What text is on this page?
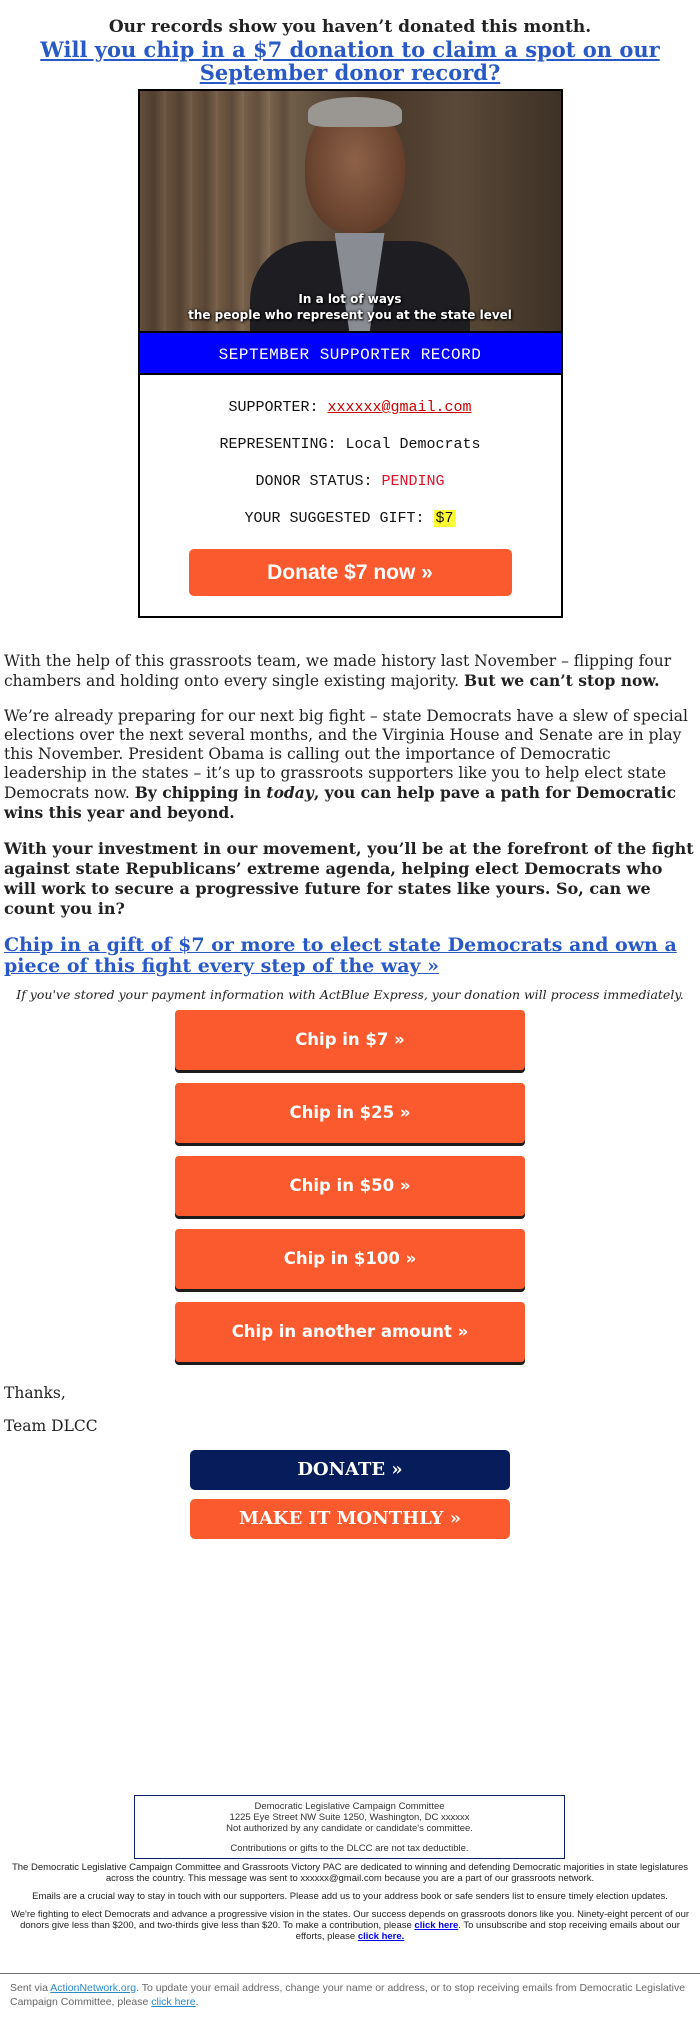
Our records show you haven’t donated this month.
Will you chip in a $7 donation to claim a spot on our September donor record?
In a lot of ways
the people who represent you at the state level
SEPTEMBER SUPPORTER RECORD
SUPPORTER: xxxxxx@gmail.com
REPRESENTING: Local Democrats
DONOR STATUS: PENDING
YOUR SUGGESTED GIFT: $7
Donate $7 now »

With the help of this grassroots team, we made history last November – flipping four chambers and holding onto every single existing majority. But we can’t stop now.

We’re already preparing for our next big fight – state Democrats have a slew of special elections over the next several months, and the Virginia House and Senate are in play this November. President Obama is calling out the importance of Democratic leadership in the states – it’s up to grassroots supporters like you to help elect state Democrats now. By chipping in today, you can help pave a path for Democratic wins this year and beyond.

With your investment in our movement, you’ll be at the forefront of the fight against state Republicans’ extreme agenda, helping elect Democrats who will work to secure a progressive future for states like yours. So, can we count you in?

Chip in a gift of $7 or more to elect state Democrats and own a piece of this fight every step of the way »
If you've stored your payment information with ActBlue Express, your donation will process immediately.
Chip in $7 »
Chip in $25 »
Chip in $50 »
Chip in $100 »
Chip in another amount »

Thanks,

Team DLCC

DONATE »
MAKE IT MONTHLY »
Democratic Legislative Campaign Committee
1225 Eye Street NW Suite 1250, Washington, DC xxxxxx
Not authorized by any candidate or candidate's committee.
Contributions or gifts to the DLCC are not tax deductible.

The Democratic Legislative Campaign Committee and Grassroots Victory PAC are dedicated to winning and defending Democratic majorities in state legislatures across the country. This message was sent to xxxxxx@gmail.com because you are a part of our grassroots network.

Emails are a crucial way to stay in touch with our supporters. Please add us to your address book or safe senders list to ensure timely election updates.

We're fighting to elect Democrats and advance a progressive vision in the states. Our success depends on grassroots donors like you. Ninety-eight percent of our donors give less than $200, and two-thirds give less than $20. To make a contribution, please click here. To unsubscribe and stop receiving emails about our efforts, please click here.

Sent via ActionNetwork.org. To update your email address, change your name or address, or to stop receiving emails from Democratic Legislative Campaign Committee, please click here.
